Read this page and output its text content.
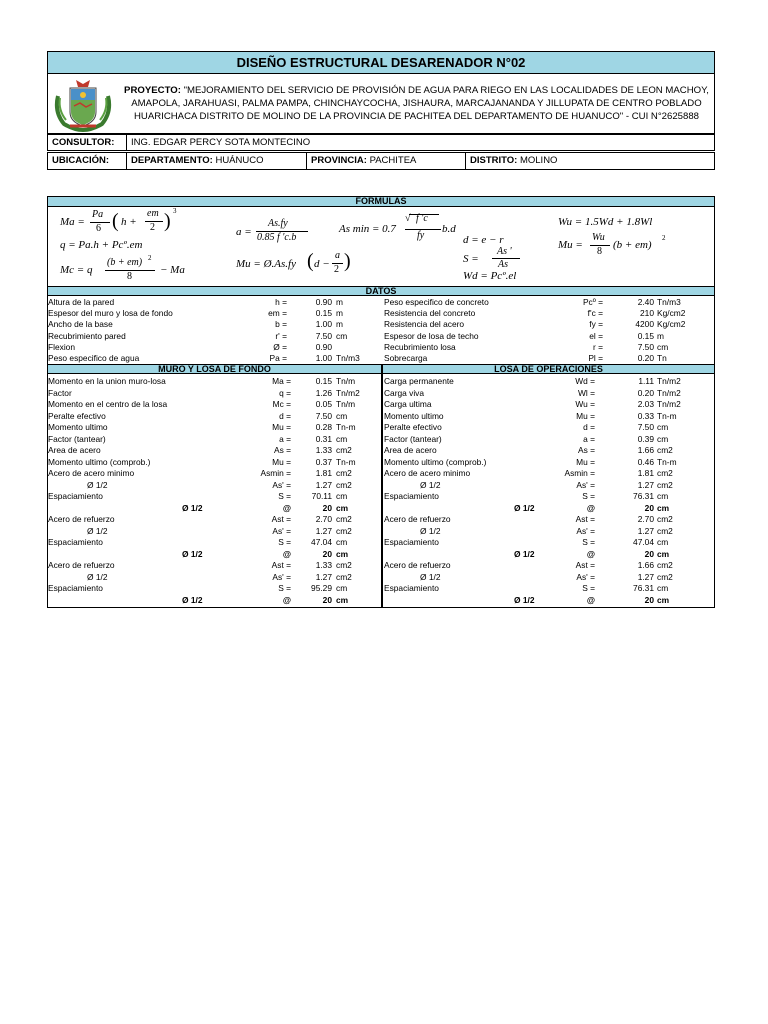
DISEÑO ESTRUCTURAL DESARENADOR N°02
PROYECTO: "MEJORAMIENTO DEL SERVICIO DE PROVISIÓN DE AGUA PARA RIEGO EN LAS LOCALIDADES DE LEON MACHOY,
AMAPOLA, JARAHUASI, PALMA PAMPA, CHINCHAYCOCHA, JISHAURA, MARCAJANANDA Y JILLUPATA DE CENTRO POBLADO
HUARICHACA DISTRITO DE MOLINO DE LA PROVINCIA DE PACHITEA DEL DEPARTAMENTO DE HUANUCO" - CUI N°2625888
CONSULTOR:	ING. EDGAR PERCY SOTA MONTECINO
UBICACIÓN:	DEPARTAMENTO: HUÁNUCO	PROVINCIA: PACHITEA	DISTRITO: MOLINO
FORMULAS
Ma =
Pa
6 ( h +
em
2 ) 3
q = Pa.h + Pcº.em
Mc = q
(b + em) 2
8
− Ma
a =
As.fy
0.85 f 'c.b
Mu = Ø.As.fy ( d −
a
2 )
As min = 0.7
√ f 'c
fy
b.d
d = e − r
S =
As '
As
Wd = Pcº.el
Wu = 1.5Wd + 1.8Wl
Mu =
Wu
8
(b + em)
2
DATOS
Altura de la pared	h =	0.90 m
Espesor del muro y losa de fondo	em =	0.15 m
Ancho de la base	b =	1.00 m
Recubrimiento pared	r' =	7.50 cm
Flexion	Ø =	0.90
Peso especifico de agua	Pa =	1.00 Tn/m3
Peso especifico de concreto	Pcº =	2.40 Tn/m3
Resistencia del concreto	f'c =	210 Kg/cm2
Resistencia del acero	fy =	4200 Kg/cm2
Espesor de losa de techo	el =	0.15 m
Recubrimiento losa	r =	7.50 cm
Sobrecarga	Pl =	0.20 Tn
MURO Y LOSA DE FONDO	LOSA DE OPERACIONES
Momento en la union muro-losa	Ma =	0.15 Tn/m
Factor	q =	1.26 Tn/m2
Momento en el centro de la losa	Mc =	0.05 Tn/m
Peralte efectivo	d =	7.50 cm
Momento ultimo	Mu =	0.28 Tn-m
Factor (tantear)	a =	0.31 cm
Area de acero	As =	1.33 cm2
Momento ultimo (comprob.)	Mu =	0.37 Tn-m
Acero de acero minimo	Asmin =	1.81 cm2
Ø 1/2	As' =	1.27 cm2
Espaciamiento	S =	70.11 cm
Ø 1/2	@	20 cm
Acero de refuerzo	Ast =	2.70 cm2
Ø 1/2	As' =	1.27 cm2
Espaciamiento	S =	47.04 cm
Ø 1/2	@	20 cm
Acero de refuerzo	Ast =	1.33 cm2
Ø 1/2	As' =	1.27 cm2
Espaciamiento	S =	95.29 cm
Ø 1/2	@	20 cm
Carga permanente	Wd =	1.11 Tn/m2
Carga viva	Wl =	0.20 Tn/m2
Carga ultima	Wu =	2.03 Tn/m2
Momento ultimo	Mu =	0.33 Tn-m
Peralte efectivo	d =	7.50 cm
Factor (tantear)	a =	0.39 cm
Area de acero	As =	1.66 cm2
Momento ultimo (comprob.)	Mu =	0.46 Tn-m
Acero de acero minimo	Asmin =	1.81 cm2
Ø 1/2	As' =	1.27 cm2
Espaciamiento	S =	76.31 cm
Ø 1/2	@	20 cm
Acero de refuerzo	Ast =	2.70 cm2
Ø 1/2	As' =	1.27 cm2
Espaciamiento	S =	47.04 cm
Ø 1/2	@	20 cm
Acero de refuerzo	Ast =	1.66 cm2
Ø 1/2	As' =	1.27 cm2
Espaciamiento	S =	76.31 cm
Ø 1/2	@	20 cm
